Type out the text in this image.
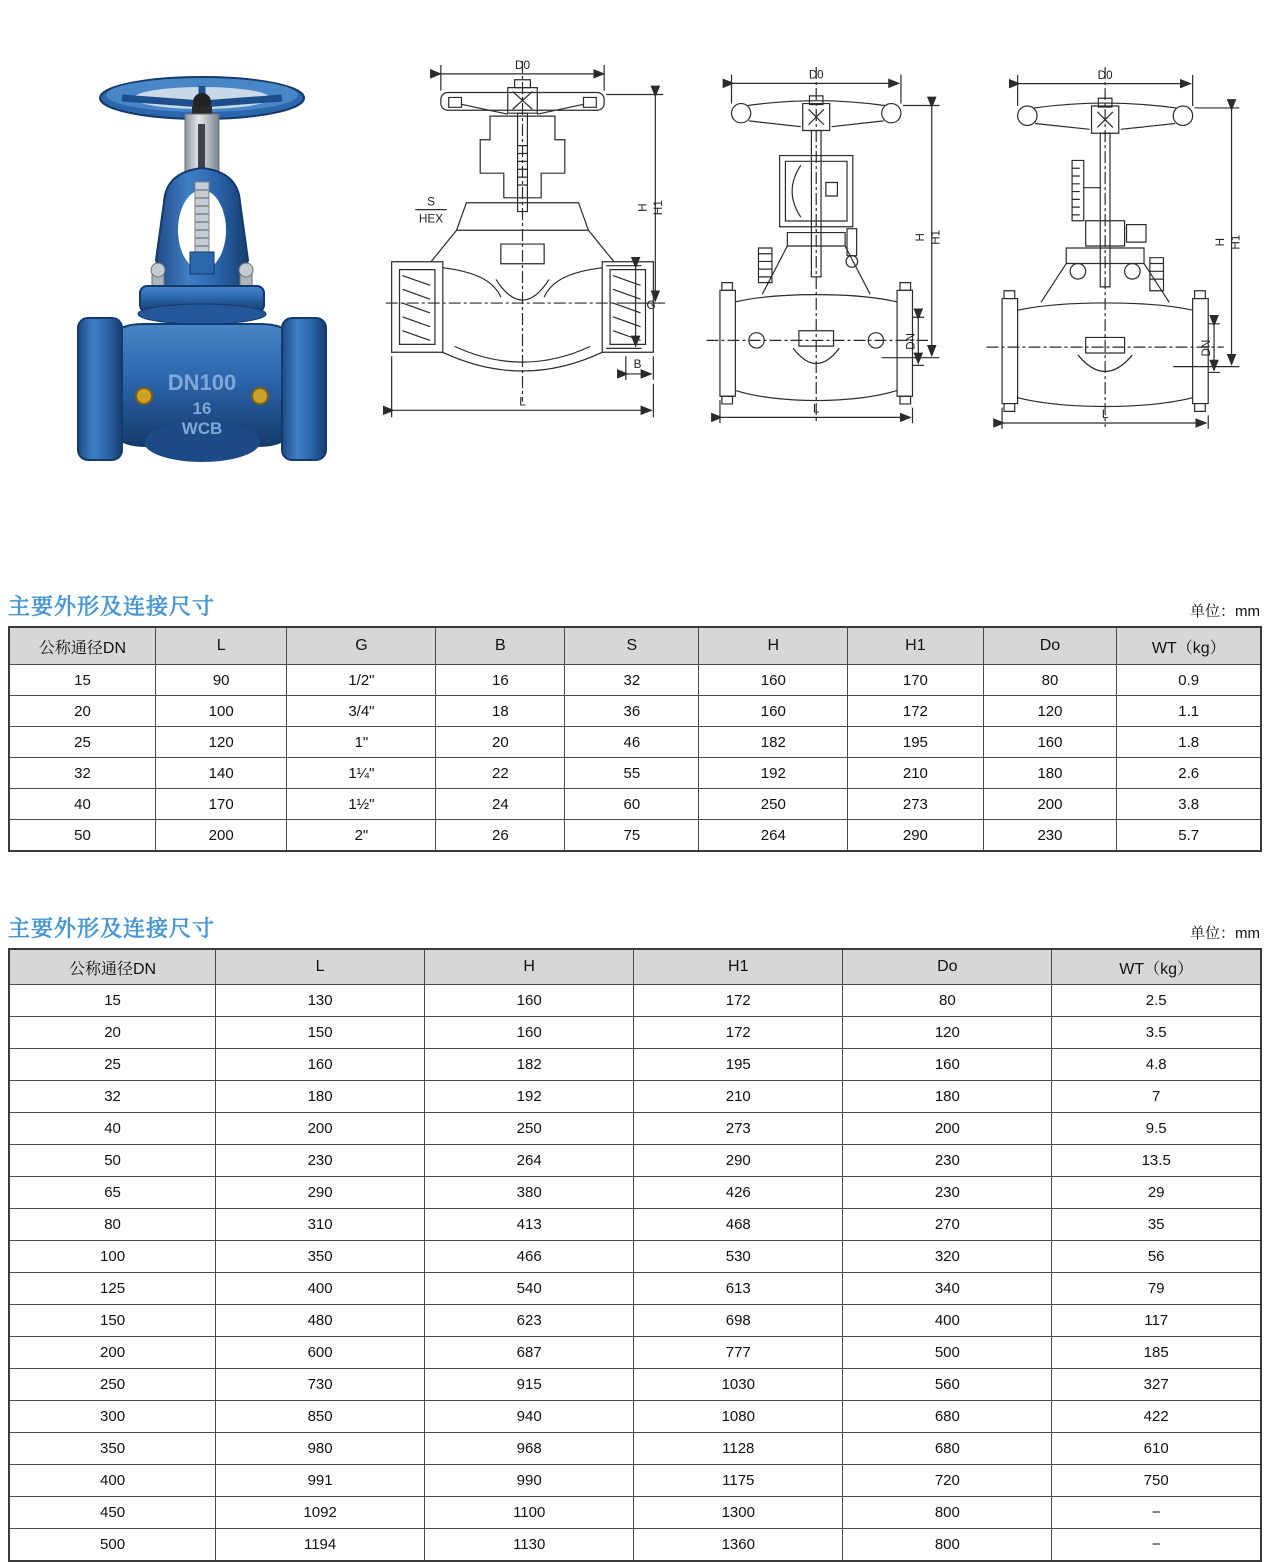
DN100
16
WCB
D0
H H1
G
S
HEX
B
L
D0
H H1
DN
L
D0
H H1
DN
L
主要外形及连接尺寸	单位：mm
公称通径DN	L	G	B	S	H	H1	Do	WT（kg）
15	90	1/2"	16	32	160	170	80	0.9
20	100	3/4"	18	36	160	172	120	1.1
25	120	1"	20	46	182	195	160	1.8
32	140	1¼"	22	55	192	210	180	2.6
40	170	1½"	24	60	250	273	200	3.8
50	200	2"	26	75	264	290	230	5.7
主要外形及连接尺寸	单位：mm
公称通径DN	L	H	H1	Do	WT（kg）
15	130	160	172	80	2.5
20	150	160	172	120	3.5
25	160	182	195	160	4.8
32	180	192	210	180	7
40	200	250	273	200	9.5
50	230	264	290	230	13.5
65	290	380	426	230	29
80	310	413	468	270	35
100	350	466	530	320	56
125	400	540	613	340	79
150	480	623	698	400	117
200	600	687	777	500	185
250	730	915	1030	560	327
300	850	940	1080	680	422
350	980	968	1128	680	610
400	991	990	1175	720	750
450	1092	1100	1300	800	−
500	1194	1130	1360	800	−
